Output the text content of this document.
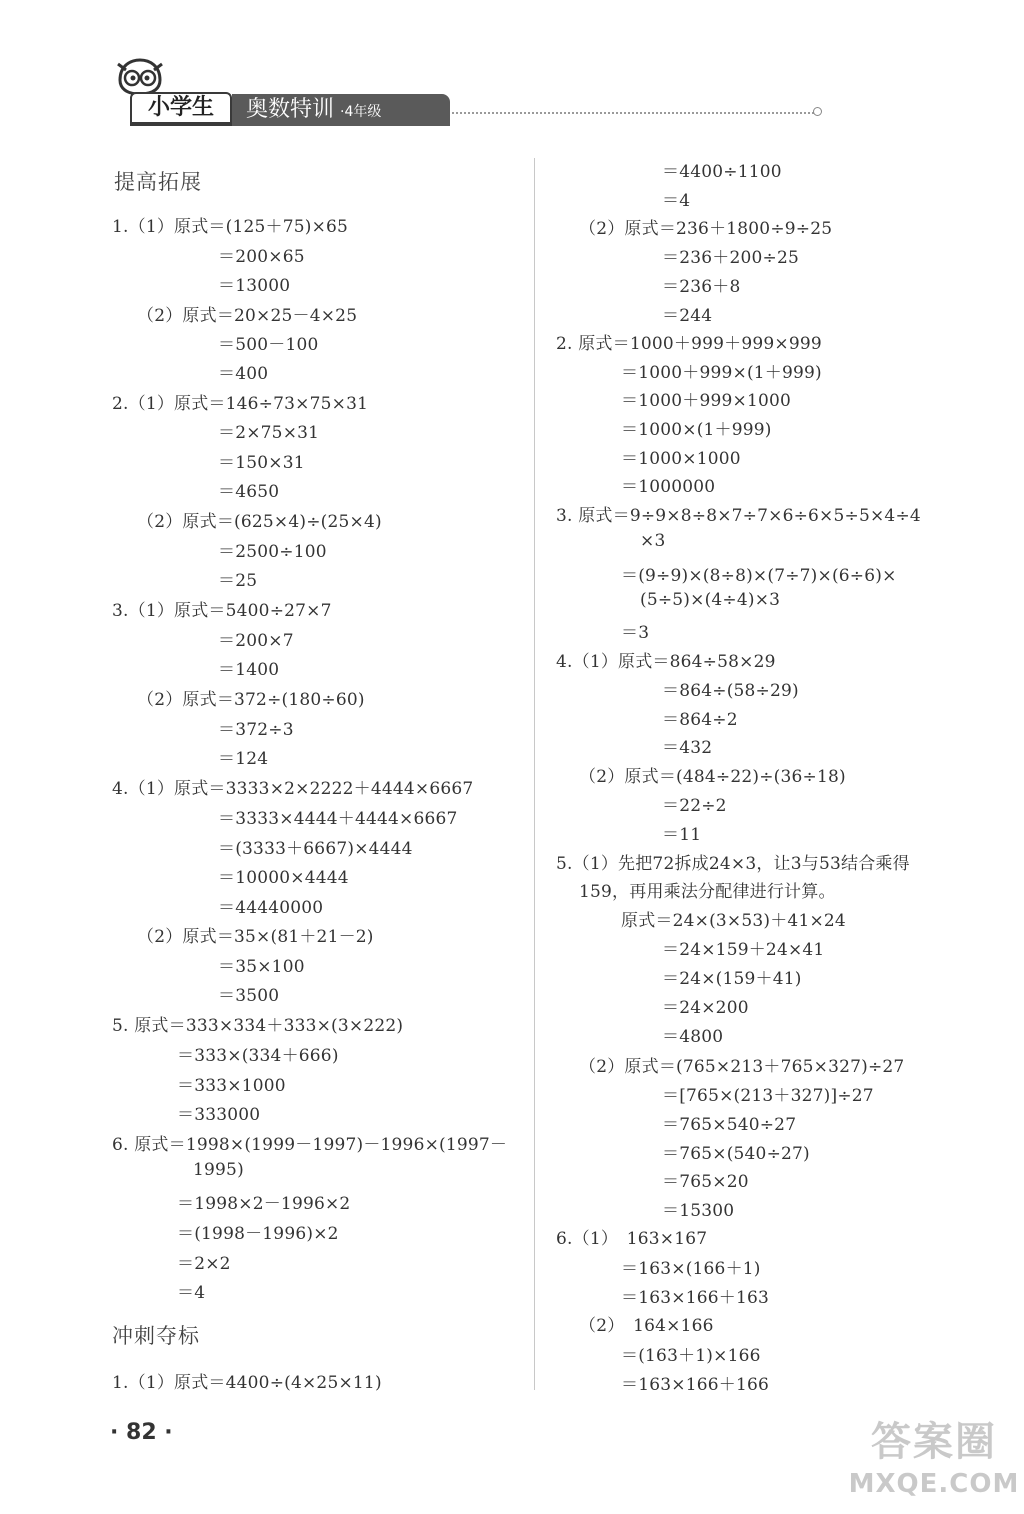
小学生	奥数特训 ·4年级
提高拓展
1.（1）原式＝(125＋75)×65
＝200×65
＝13000
（2）原式＝20×25－4×25
＝500－100
＝400
2.（1）原式＝146÷73×75×31
＝2×75×31
＝150×31
＝4650
（2）原式＝(625×4)÷(25×4)
＝2500÷100
＝25
3.（1）原式＝5400÷27×7
＝200×7
＝1400
（2）原式＝372÷(180÷60)
＝372÷3
＝124
4.（1）原式＝3333×2×2222＋4444×6667
＝3333×4444＋4444×6667
＝(3333＋6667)×4444
＝10000×4444
＝44440000
（2）原式＝35×(81＋21－2)
＝35×100
＝3500
5. 原式＝333×334＋333×(3×222)
＝333×(334＋666)
＝333×1000
＝333000
6. 原式＝1998×(1999－1997)－1996×(1997－
1995)
＝1998×2－1996×2
＝(1998－1996)×2
＝2×2
＝4
冲刺夺标
1.（1）原式＝4400÷(4×25×11)
＝4400÷1100
＝4
（2）原式＝236＋1800÷9÷25
＝236＋200÷25
＝236＋8
＝244
2. 原式＝1000＋999＋999×999
＝1000＋999×(1＋999)
＝1000＋999×1000
＝1000×(1＋999)
＝1000×1000
＝1000000
3. 原式＝9÷9×8÷8×7÷7×6÷6×5÷5×4÷4
×3
＝(9÷9)×(8÷8)×(7÷7)×(6÷6)×
(5÷5)×(4÷4)×3
＝3
4.（1）原式＝864÷58×29
＝864÷(58÷29)
＝864÷2
＝432
（2）原式＝(484÷22)÷(36÷18)
＝22÷2
＝11
5.（1）先把72拆成24×3，让3与53结合乘得
159，再用乘法分配律进行计算。
原式＝24×(3×53)＋41×24
＝24×159＋24×41
＝24×(159＋41)
＝24×200
＝4800
（2）原式＝(765×213＋765×327)÷27
＝[765×(213＋327)]÷27
＝765×540÷27
＝765×(540÷27)
＝765×20
＝15300
6.（1）　163×167
＝163×(166＋1)
＝163×166＋163
（2）　164×166
＝(163＋1)×166
＝163×166＋166
· 82 ·	答案圈
MXQE.COM
